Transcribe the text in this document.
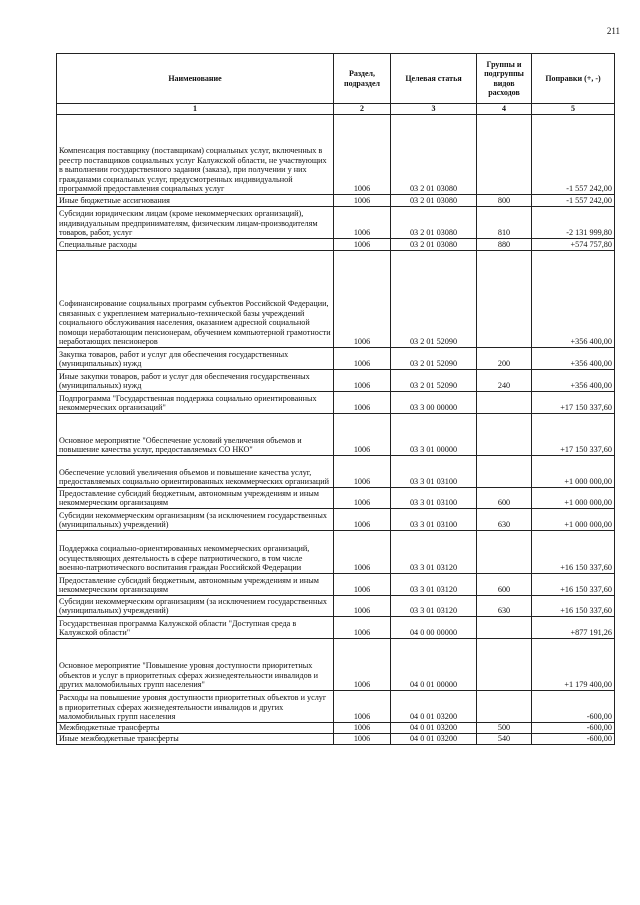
211
Наименование	Раздел, подраздел	Целевая статья	Группы и подгруппы видов расходов	Поправки (+, -)
1	2	3	4	5
Компенсация поставщику (поставщикам) социальных услуг, включенных в реестр поставщиков социальных услуг Калужской области, не участвующих в выполнении государственного задания (заказа), при получении у них гражданами социальных услуг, предусмотренных индивидуальной программой предоставления социальных услуг	1006	03 2 01 03080		-1 557 242,00
Иные бюджетные ассигнования	1006	03 2 01 03080	800	-1 557 242,00
Субсидии юридическим лицам (кроме некоммерческих организаций), индивидуальным предпринимателям, физическим лицам-производителям товаров, работ, услуг	1006	03 2 01 03080	810	-2 131 999,80
Специальные расходы	1006	03 2 01 03080	880	+574 757,80
Софинансирование социальных программ субъектов Российской Федерации, связанных с укреплением материально-технической базы учреждений социального обслуживания населения, оказанием адресной социальной помощи неработающим пенсионерам, обучением компьютерной грамотности неработающих пенсионеров	1006	03 2 01 52090		+356 400,00
Закупка товаров, работ и услуг для обеспечения государственных (муниципальных) нужд	1006	03 2 01 52090	200	+356 400,00
Иные закупки товаров, работ и услуг для обеспечения государственных (муниципальных) нужд	1006	03 2 01 52090	240	+356 400,00
Подпрограмма "Государственная поддержка социально ориентированных некоммерческих организаций"	1006	03 3 00 00000		+17 150 337,60
Основное мероприятие "Обеспечение условий увеличения объемов и повышение качества услуг, предоставляемых СО НКО"	1006	03 3 01 00000		+17 150 337,60
Обеспечение условий увеличения объемов и повышение качества услуг, предоставляемых социально ориентированных некоммерческих организаций	1006	03 3 01 03100		+1 000 000,00
Предоставление субсидий бюджетным, автономным учреждениям и иным некоммерческим организациям	1006	03 3 01 03100	600	+1 000 000,00
Субсидии некоммерческим организациям (за исключением государственных (муниципальных) учреждений)	1006	03 3 01 03100	630	+1 000 000,00
Поддержка социально-ориентированных некоммерческих организаций, осуществляющих деятельность в сфере патриотического, в том числе военно-патриотического воспитания граждан Российской Федерации	1006	03 3 01 03120		+16 150 337,60
Предоставление субсидий бюджетным, автономным учреждениям и иным некоммерческим организациям	1006	03 3 01 03120	600	+16 150 337,60
Субсидии некоммерческим организациям (за исключением государственных (муниципальных) учреждений)	1006	03 3 01 03120	630	+16 150 337,60
Государственная программа Калужской области "Доступная среда в Калужской области"	1006	04 0 00 00000		+877 191,26
Основное мероприятие "Повышение уровня доступности приоритетных объектов и услуг в приоритетных сферах жизнедеятельности инвалидов и других маломобильных групп населения"	1006	04 0 01 00000		+1 179 400,00
Расходы на повышение уровня доступности приоритетных объектов и услуг в приоритетных сферах жизнедеятельности инвалидов и других маломобильных групп населения	1006	04 0 01 03200		-600,00
Межбюджетные трансферты	1006	04 0 01 03200	500	-600,00
Иные межбюджетные трансферты	1006	04 0 01 03200	540	-600,00
